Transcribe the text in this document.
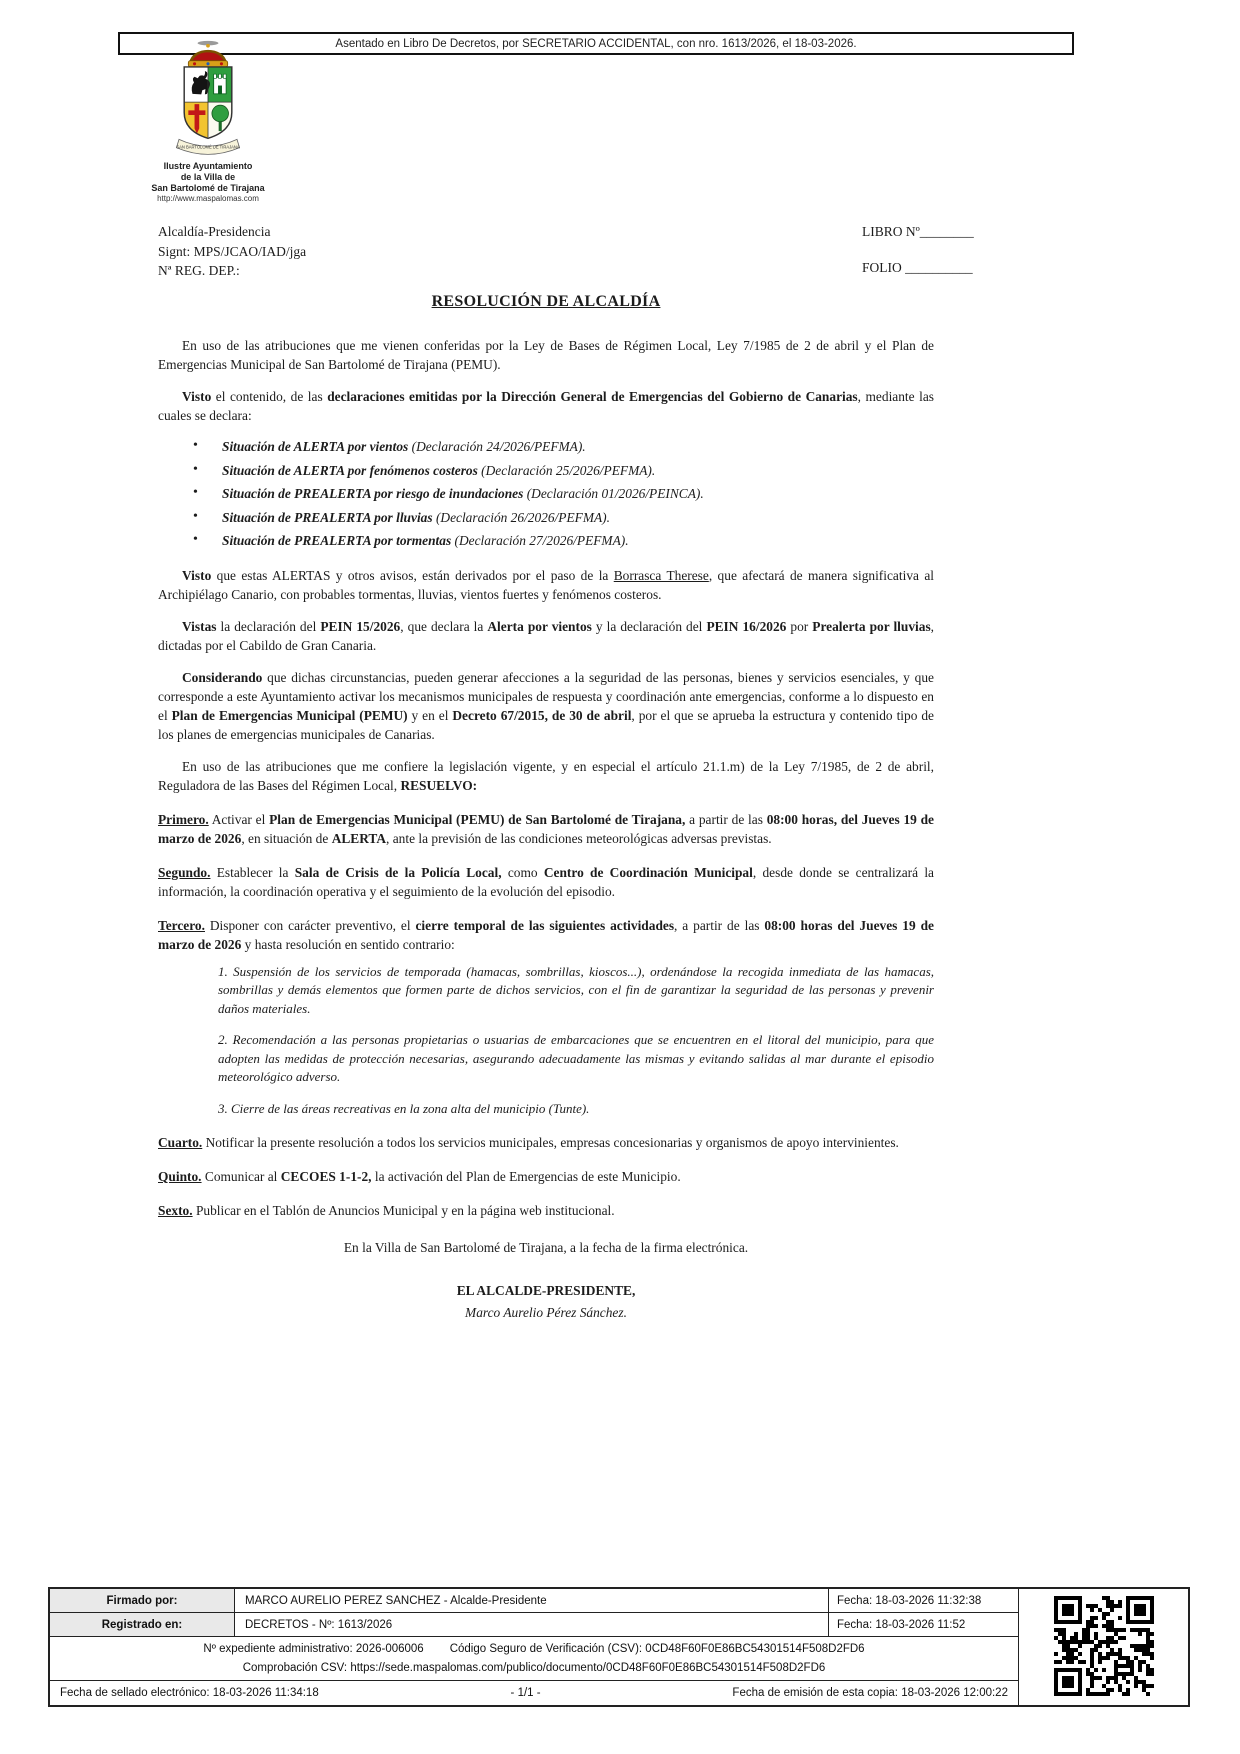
Asentado en Libro De Decretos, por SECRETARIO ACCIDENTAL, con nro. 1613/2026, el 18-03-2026.
SAN BARTOLOMÉ DE TIRAJANA
Ilustre Ayuntamiento
de la Villa de
San Bartolomé de Tirajana
http://www.maspalomas.com
Alcaldía-Presidencia
Signt: MPS/JCAO/IAD/jga
Nª REG. DEP.:
LIBRO Nº________
FOLIO __________
RESOLUCIÓN DE ALCALDÍA

En uso de las atribuciones que me vienen conferidas por la Ley de Bases de Régimen Local, Ley 7/1985 de 2 de abril y el Plan de Emergencias Municipal de San Bartolomé de Tirajana (PEMU).

Visto el contenido, de las declaraciones emitidas por la Dirección General de Emergencias del Gobierno de Canarias, mediante las cuales se declara:

• Situación de ALERTA por vientos (Declaración 24/2026/PEFMA).
• Situación de ALERTA por fenómenos costeros (Declaración 25/2026/PEFMA).
• Situación de PREALERTA por riesgo de inundaciones (Declaración 01/2026/PEINCA).
• Situación de PREALERTA por lluvias (Declaración 26/2026/PEFMA).
• Situación de PREALERTA por tormentas (Declaración 27/2026/PEFMA).

Visto que estas ALERTAS y otros avisos, están derivados por el paso de la Borrasca Therese, que afectará de manera significativa al Archipiélago Canario, con probables tormentas, lluvias, vientos fuertes y fenómenos costeros.

Vistas la declaración del PEIN 15/2026, que declara la Alerta por vientos y la declaración del PEIN 16/2026 por Prealerta por lluvias, dictadas por el Cabildo de Gran Canaria.

Considerando que dichas circunstancias, pueden generar afecciones a la seguridad de las personas, bienes y servicios esenciales, y que corresponde a este Ayuntamiento activar los mecanismos municipales de respuesta y coordinación ante emergencias, conforme a lo dispuesto en el Plan de Emergencias Municipal (PEMU) y en el Decreto 67/2015, de 30 de abril, por el que se aprueba la estructura y contenido tipo de los planes de emergencias municipales de Canarias.

En uso de las atribuciones que me confiere la legislación vigente, y en especial el artículo 21.1.m) de la Ley 7/1985, de 2 de abril, Reguladora de las Bases del Régimen Local, RESUELVO:

Primero. Activar el Plan de Emergencias Municipal (PEMU) de San Bartolomé de Tirajana, a partir de las 08:00 horas, del Jueves 19 de marzo de 2026, en situación de ALERTA, ante la previsión de las condiciones meteorológicas adversas previstas.

Segundo. Establecer la Sala de Crisis de la Policía Local, como Centro de Coordinación Municipal, desde donde se centralizará la información, la coordinación operativa y el seguimiento de la evolución del episodio.

Tercero. Disponer con carácter preventivo, el cierre temporal de las siguientes actividades, a partir de las 08:00 horas del Jueves 19 de marzo de 2026 y hasta resolución en sentido contrario:

1. Suspensión de los servicios de temporada (hamacas, sombrillas, kioscos...), ordenándose la recogida inmediata de las hamacas, sombrillas y demás elementos que formen parte de dichos servicios, con el fin de garantizar la seguridad de las personas y prevenir daños materiales.

2. Recomendación a las personas propietarias o usuarias de embarcaciones que se encuentren en el litoral del municipio, para que adopten las medidas de protección necesarias, asegurando adecuadamente las mismas y evitando salidas al mar durante el episodio meteorológico adverso.

3. Cierre de las áreas recreativas en la zona alta del municipio (Tunte).

Cuarto. Notificar la presente resolución a todos los servicios municipales, empresas concesionarias y organismos de apoyo intervinientes.

Quinto. Comunicar al CECOES 1-1-2, la activación del Plan de Emergencias de este Municipio.

Sexto. Publicar en el Tablón de Anuncios Municipal y en la página web institucional.

En la Villa de San Bartolomé de Tirajana, a la fecha de la firma electrónica.

EL ALCALDE-PRESIDENTE,

Marco Aurelio Pérez Sánchez.

Firmado por:	MARCO AURELIO PEREZ SANCHEZ - Alcalde-Presidente	Fecha: 18-03-2026 11:32:38
Registrado en:	DECRETOS - Nº: 1613/2026	Fecha: 18-03-2026 11:52
Nº expediente administrativo: 2026-006006 Código Seguro de Verificación (CSV): 0CD48F60F0E86BC54301514F508D2FD6
Comprobación CSV: https://sede.maspalomas.com/publico/documento/0CD48F60F0E86BC54301514F508D2FD6
Fecha de sellado electrónico: 18-03-2026 11:34:18	- 1/1 -	Fecha de emisión de esta copia: 18-03-2026 12:00:22
